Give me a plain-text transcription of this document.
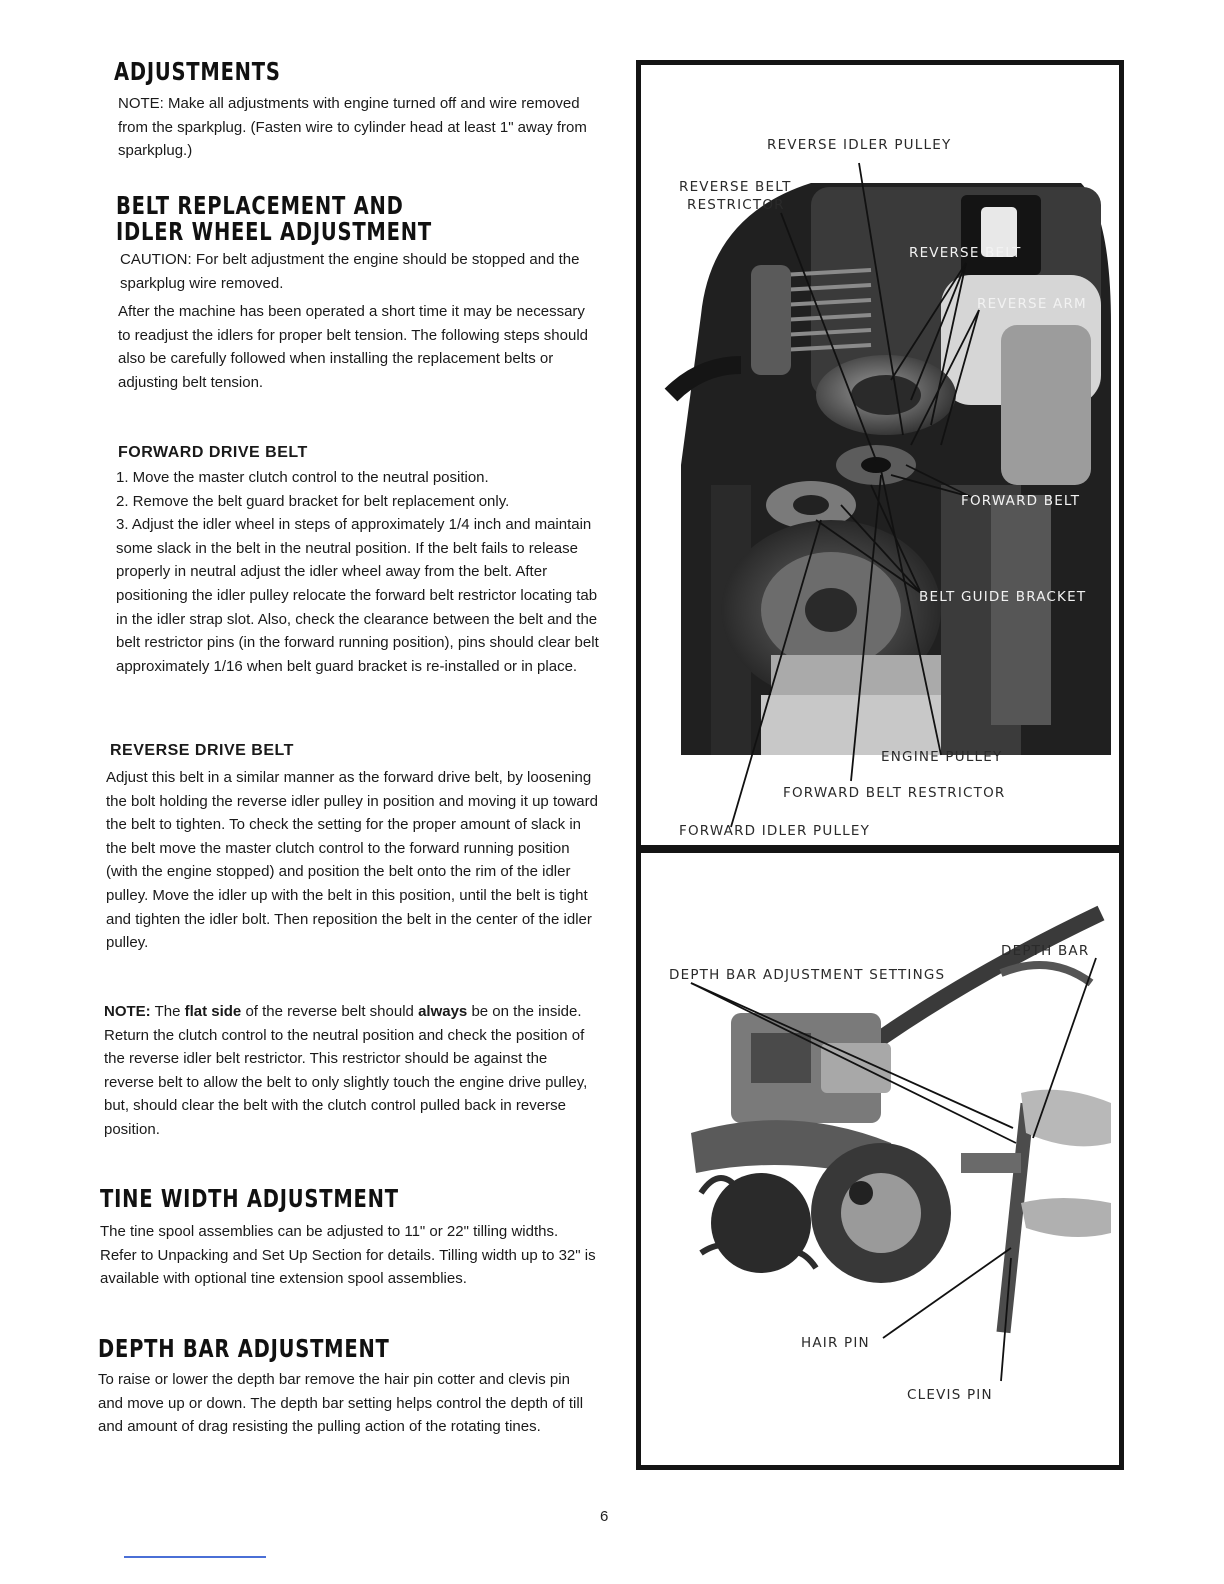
ADJUSTMENTS

NOTE: Make all adjustments with engine turned off and wire removed from the sparkplug. (Fasten wire to cylinder head at least 1" away from sparkplug.)

BELT REPLACEMENT AND
IDLER WHEEL ADJUSTMENT

CAUTION: For belt adjustment the engine should be stopped and the sparkplug wire removed.

After the machine has been operated a short time it may be necessary to readjust the idlers for proper belt tension. The following steps should also be carefully followed when installing the replacement belts or adjusting belt tension.

FORWARD DRIVE BELT
1. Move the master clutch control to the neutral position.
2. Remove the belt guard bracket for belt replacement only.
3. Adjust the idler wheel in steps of approximately 1/4 inch and maintain some slack in the belt in the neutral position. If the belt fails to release properly in neutral adjust the idler wheel away from the belt. After positioning the idler pulley relocate the forward belt restrictor locating tab in the idler strap slot. Also, check the clearance between the belt and the belt restrictor pins (in the forward running position), pins should clear belt approximately 1/16 when belt guard bracket is re-installed or in place.
REVERSE DRIVE BELT

Adjust this belt in a similar manner as the forward drive belt, by loosening the bolt holding the reverse idler pulley in position and moving it up toward the belt to tighten. To check the setting for the proper amount of slack in the belt move the master clutch control to the forward running position (with the engine stopped) and position the belt onto the rim of the idler pulley. Move the idler up with the belt in this position, until the belt is tight and tighten the idler bolt. Then reposition the belt in the center of the idler pulley.

NOTE: The flat side of the reverse belt should always be on the inside. Return the clutch control to the neutral position and check the position of the reverse idler belt restrictor. This restrictor should be against the reverse belt to allow the belt to only slightly touch the engine drive pulley, but, should clear the belt with the clutch control pulled back in reverse position.

TINE WIDTH ADJUSTMENT

The tine spool assemblies can be adjusted to 11" or 22" tilling widths. Refer to Unpacking and Set Up Section for details. Tilling width up to 32" is available with optional tine extension spool assemblies.

DEPTH BAR ADJUSTMENT

To raise or lower the depth bar remove the hair pin cotter and clevis pin and move up or down. The depth bar setting helps control the depth of till and amount of drag resisting the pulling action of the rotating tines.

REVERSE IDLER PULLEY
REVERSE BELT
RESTRICTOR
REVERSE BELT
REVERSE ARM
FORWARD BELT
BELT GUIDE BRACKET
ENGINE PULLEY
FORWARD BELT RESTRICTOR
FORWARD IDLER PULLEY
DEPTH BAR
DEPTH BAR ADJUSTMENT SETTINGS
HAIR PIN
CLEVIS PIN
6
